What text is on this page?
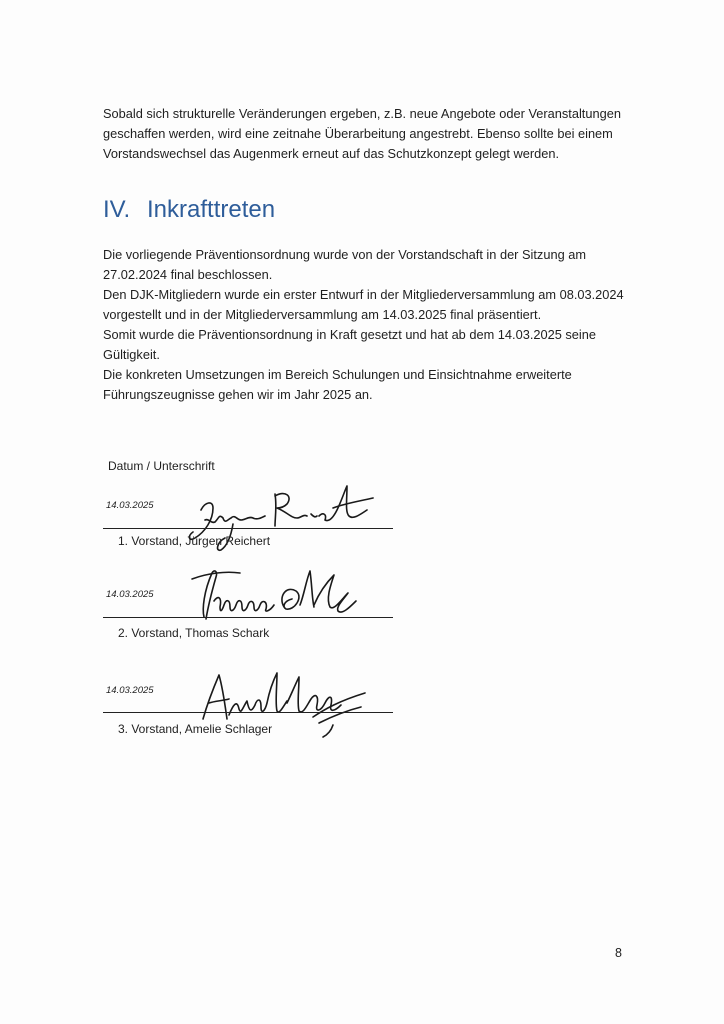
Sobald sich strukturelle Veränderungen ergeben, z.B. neue Angebote oder Veranstaltungen
geschaffen werden, wird eine zeitnahe Überarbeitung angestrebt. Ebenso sollte bei einem
Vorstandswechsel das Augenmerk erneut auf das Schutzkonzept gelegt werden.

IV. Inkrafttreten

Die vorliegende Präventionsordnung wurde von der Vorstandschaft in der Sitzung am
27.02.2024 final beschlossen.
Den DJK-Mitgliedern wurde ein erster Entwurf in der Mitgliederversammlung am 08.03.2024
vorgestellt und in der Mitgliederversammlung am 14.03.2025 final präsentiert.
Somit wurde die Präventionsordnung in Kraft gesetzt und hat ab dem 14.03.2025 seine
Gültigkeit.
Die konkreten Umsetzungen im Bereich Schulungen und Einsichtnahme erweiterte
Führungszeugnisse gehen wir im Jahr 2025 an.

Datum / Unterschrift
14.03.2025
1. Vorstand, Jürgen Reichert
14.03.2025
2. Vorstand, Thomas Schark
14.03.2025
3. Vorstand, Amelie Schlager
8
